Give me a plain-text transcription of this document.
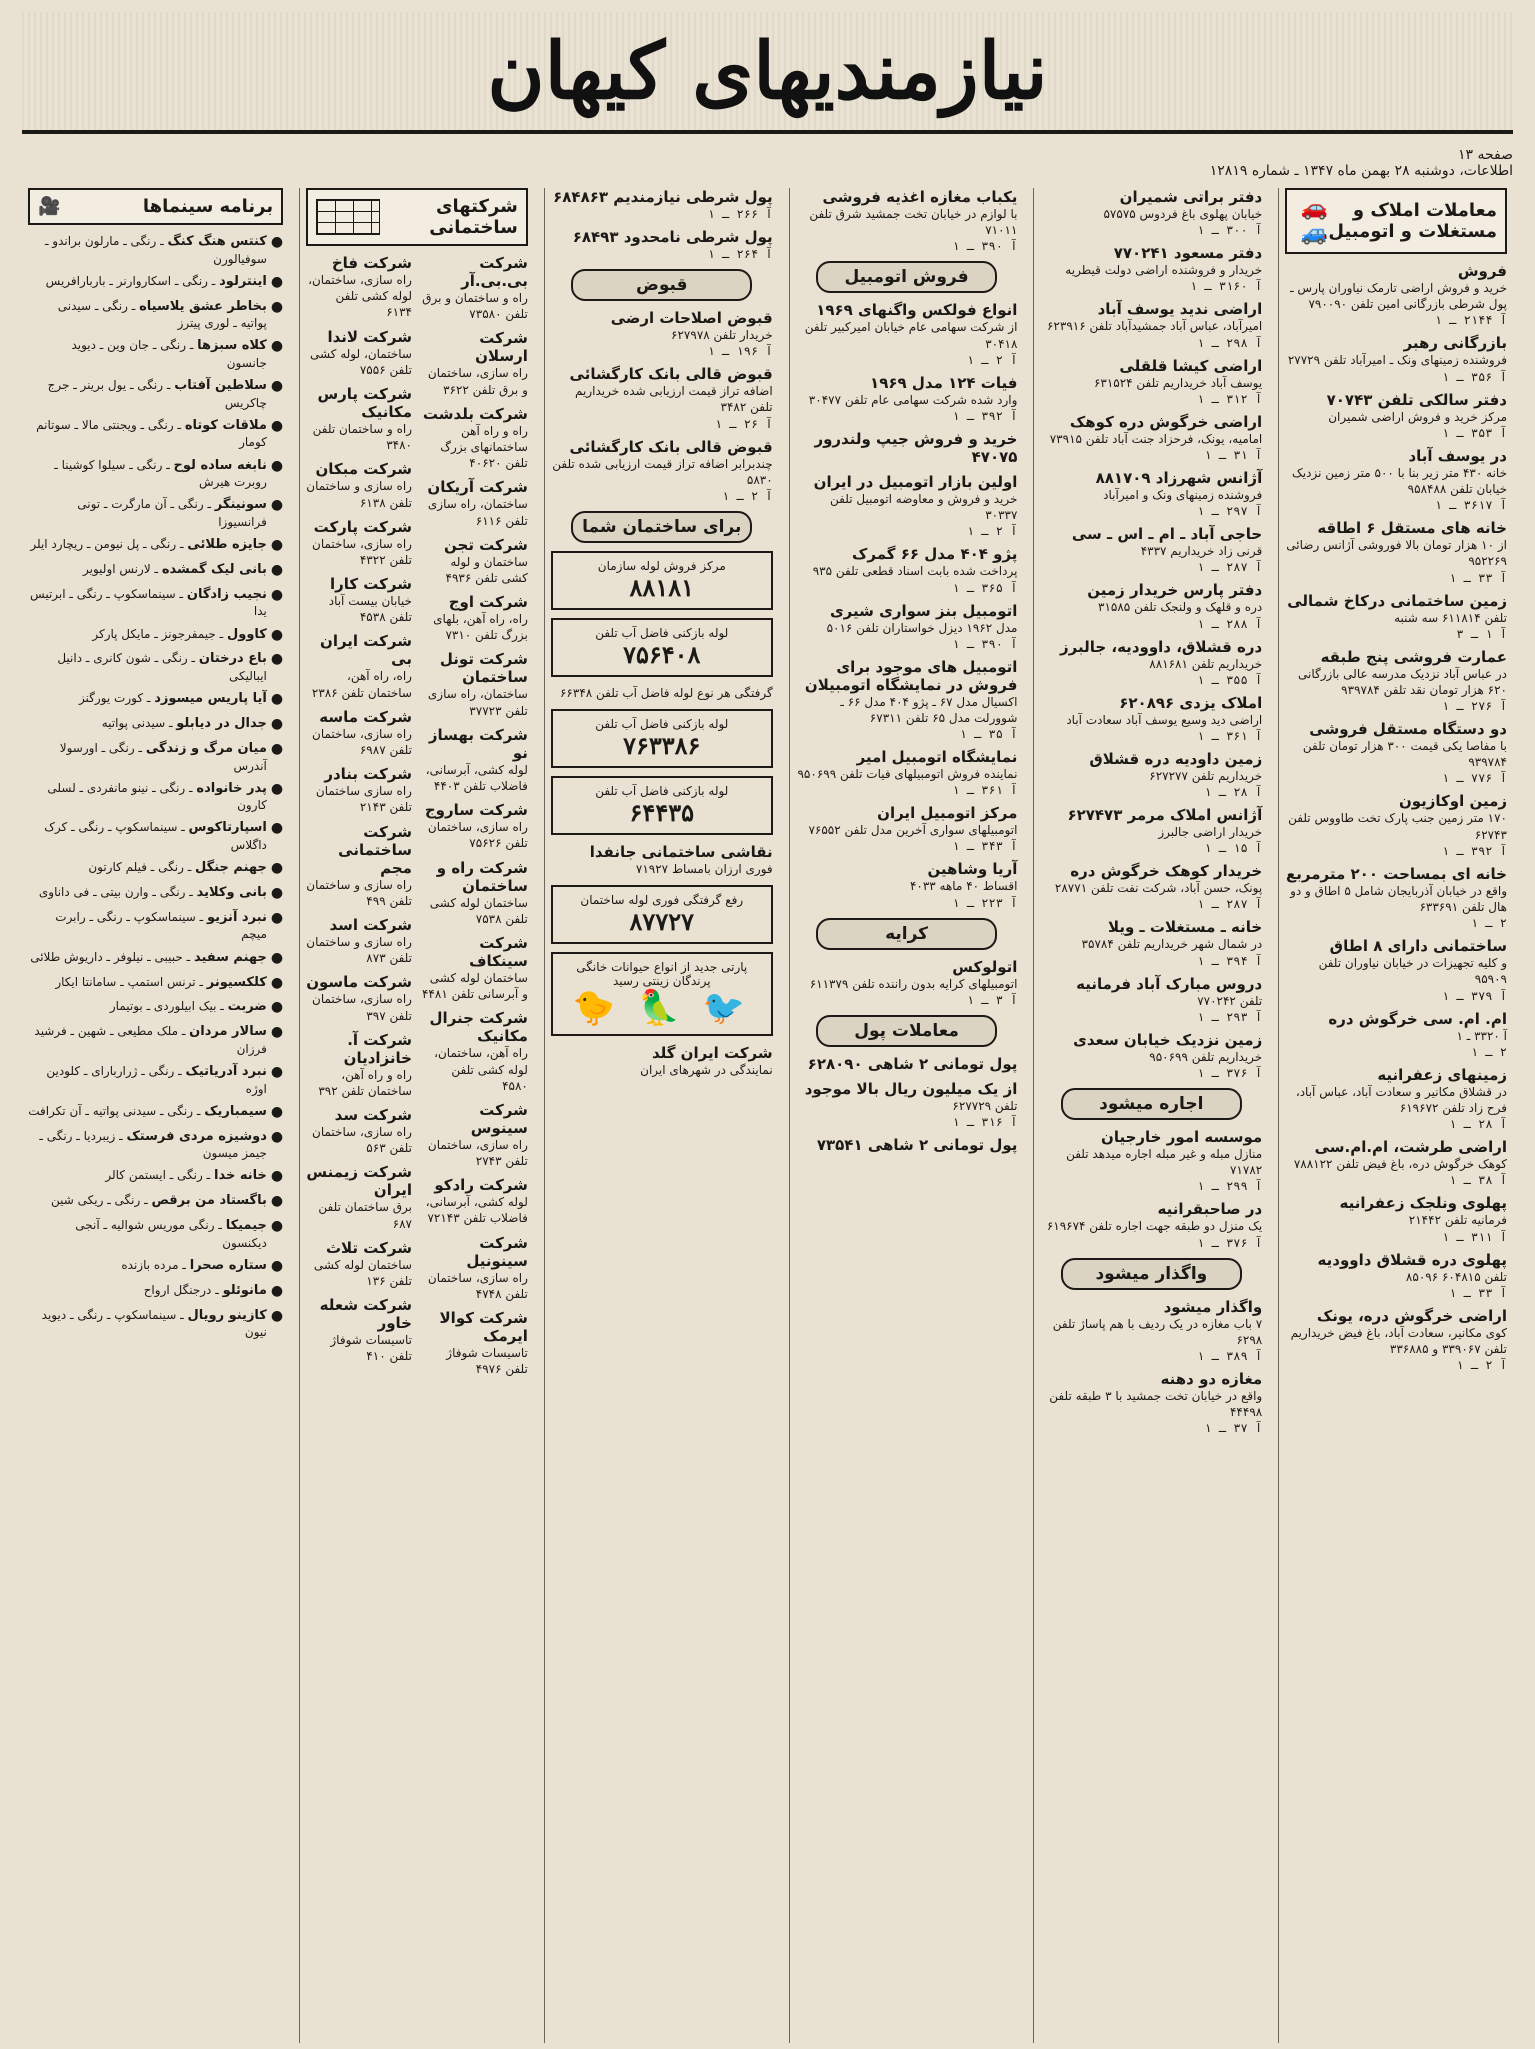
نیازمندیهای کیهان
صفحه ۱۳
اطلاعات، دوشنبه ۲۸ بهمن ماه ۱۳۴۷ ـ شماره ۱۲۸۱۹
معاملات املاک و مستغلات و اتومبیل
🚗 🚙
فروش
خرید و فروش اراضی تارمک نیاوران پارس ـ پول شرطی بازرگانی امین تلفن ۷۹۰۰۹۰
آ ۲۱۴۴ ـ ۱
بازرگانی رهبر
فروشنده زمینهای ونک ـ امیرآباد تلفن ۲۷۷۲۹
آ ۳۵۶ ـ ۱
دفتر سالکی تلفن ۷۰۷۴۳
مرکز خرید و فروش اراضی شمیران
آ ۳۵۳ ـ ۱
در یوسف آباد
خانه ۴۳۰ متر زیر بنا با ۵۰۰ متر زمین نزدیک خیابان تلفن ۹۵۸۴۸۸
آ ۳۶۱۷ ـ ۱
خانه های مستقل ۶ اطاقه
از ۱۰ هزار تومان بالا فوروشی آژانس رضائی ۹۵۲۲۶۹
آ ۳۳ ـ ۱
زمین ساختمانی درکاخ شمالی
تلفن ۶۱۱۸۱۴ سه شنبه
آ ۱ ـ ۳
عمارت فروشی پنج طبقه
در عباس آباد نزدیک مدرسه عالی بازرگانی ۶۲۰ هزار تومان نقد تلفن ۹۳۹۷۸۴
آ ۲۷۶ ـ ۱
دو دستگاه مستقل فروشی
با مفاصا یکی قیمت ۳۰۰ هزار تومان تلفن ۹۳۹۷۸۴
آ ۷۷۶ ـ ۱
زمین اوکازیون
۱۷۰ متر زمین جنب پارک تخت طاووس تلفن ۶۲۷۴۳
آ ۳۹۲ ـ ۱
خانه ای بمساحت ۲۰۰ مترمربع
واقع در خیابان آذربایجان شامل ۵ اطاق و دو هال تلفن ۶۳۳۶۹۱
۲ ـ ۱
ساختمانی دارای ۸ اطاق
و کلیه تجهیزات در خیابان نیاوران تلفن ۹۵۹۰۹
آ ۳۷۹ ـ ۱
ام. ام. سی خرگوش دره
آ ۳۳۲۰ ـ ۱
۲ ـ ۱
زمینهای زعفرانیه
در قشلاق مکانیر و سعادت آباد، عباس آباد، فرح زاد تلفن ۶۱۹۶۷۲
آ ۲۸ ـ ۱
اراضی طرشت، ام.ام.سی
کوهک خرگوش دره، باغ فیض تلفن ۷۸۸۱۲۲
آ ۳۸ ـ ۱
پهلوی ونلجک زعفرانیه
فرمانیه تلفن ۲۱۴۴۲
آ ۳۱۱ ـ ۱
پهلوی دره قشلاق داوودیه
تلفن ۶۰۴۸۱۵ ۸۵۰۹۶
آ ۳۳ ـ ۱
اراضی خرگوش دره، یونک
کوی مکانیر، سعادت آباد، باغ فیض خریداریم تلفن ۳۳۹۰۶۷ و ۳۳۶۸۸۵
آ ۲ ـ ۱
دفتر براتی شمیران
خیابان پهلوی باغ فردوس ۵۷۵۷۵
آ ۳۰۰ ـ ۱
دفتر مسعود ۷۷۰۲۴۱
خریدار و فروشنده اراضی دولت قیطریه
آ ۳۱۶۰ ـ ۱
اراضی ندید یوسف آباد
امیرآباد، عباس آباد جمشیدآباد تلفن ۶۲۳۹۱۶
آ ۲۹۸ ـ ۱
اراضی کیشا قلقلی
یوسف آباد خریداریم تلفن ۶۳۱۵۲۴
آ ۳۱۲ ـ ۱
اراضی خرگوش دره کوهک
امامیه، یونک، فرحزاد جنت آباد تلفن ۷۳۹۱۵
آ ۳۱ ـ ۱
آژانس شهرزاد ۸۸۱۷۰۹
فروشنده زمینهای ونک و امیرآباد
آ ۲۹۷ ـ ۱
حاجی آباد ـ ام ـ اس ـ سی
قرنی زاد خریداریم ۴۳۳۷
آ ۲۸۷ ـ ۱
دفتر پارس خریدار زمین
دره و قلهک و ولنجک تلفن ۳۱۵۸۵
آ ۲۸۸ ـ ۱
دره قشلاق، داوودیه، جالبرز
خریداریم تلفن ۸۸۱۶۸۱
آ ۳۵۵ ـ ۱
املاک یزدی ۶۲۰۸۹۶
اراضی دید وسیع یوسف آباد سعادت آباد
آ ۳۶۱ ـ ۱
زمین داودیه دره قشلاق
خریداریم تلفن ۶۲۷۲۷۷
آ ۲۸ ـ ۱
آژانس املاک مرمر ۶۲۷۴۷۳
خریدار اراضی جالبرز
آ ۱۵ ـ ۱
خریدار کوهک خرگوش دره
پونک، حسن آباد، شرکت نفت تلفن ۲۸۷۷۱
آ ۲۸۷ ـ ۱
خانه ـ مستغلات ـ ویلا
در شمال شهر خریداریم تلفن ۳۵۷۸۴
آ ۳۹۴ ـ ۱
دروس مبارک آباد فرمانیه
تلفن ۷۷۰۲۴۲
آ ۲۹۳ ـ ۱
زمین نزدیک خیابان سعدی
خریداریم تلفن ۹۵۰۶۹۹
آ ۳۷۶ ـ ۱
اجاره میشود
موسسه امور خارجیان
منازل مبله و غیر مبله اجاره میدهد تلفن ۷۱۷۸۲
آ ۲۹۹ ـ ۱
در صاحبقرانیه
یک منزل دو طبقه جهت اجاره تلفن ۶۱۹۶۷۴
آ ۳۷۶ ـ ۱
واگذار میشود
واگذار میشود
۷ باب مغازه در یک ردیف با هم پاساژ تلفن ۶۲۹۸
آ ۳۸۹ ـ ۱
مغازه دو دهنه
واقع در خیابان تخت جمشید با ۳ طبقه تلفن ۴۴۴۹۸
آ ۳۷ ـ ۱
یکباب مغازه اغذیه فروشی
با لوازم در خیابان تخت جمشید شرق تلفن ۷۱۰۱۱
آ ۳۹۰ ـ ۱
فروش اتومبیل
انواع فولکس واگنهای ۱۹۶۹
از شرکت سهامی عام خیابان امیرکبیر تلفن ۳۰۴۱۸
آ ۲ ـ ۱
فیات ۱۲۴ مدل ۱۹۶۹
وارد شده شرکت سهامی عام تلفن ۳۰۴۷۷
آ ۳۹۲ ـ ۱
خرید و فروش جیپ ولندرور ۴۷۰۷۵
اولین بازار اتومبیل در ایران
خرید و فروش و معاوضه اتومبیل تلفن ۳۰۳۳۷
آ ۲ ـ ۱
پژو ۴۰۴ مدل ۶۶ گمرک
پرداخت شده بابت اسناد قطعی تلفن ۹۳۵
آ ۳۶۵ ـ ۱
اتومبیل بنز سواری شیری
مدل ۱۹۶۲ دیزل خواستاران تلفن ۵۰۱۶
آ ۳۹۰ ـ ۱
اتومبیل های موجود برای فروش در نمایشگاه اتومبیلان
اکسیال مدل ۶۷ ـ پژو ۴۰۴ مدل ۶۶ ـ شوورلت مدل ۶۵ تلفن ۶۷۳۱۱
آ ۳۵ ـ ۱
نمایشگاه اتومبیل امیر
نماینده فروش اتومبیلهای فیات تلفن ۹۵۰۶۹۹
آ ۳۶۱ ـ ۱
مرکز اتومبیل ایران
اتومبیلهای سواری آخرین مدل تلفن ۷۶۵۵۲
آ ۳۴۳ ـ ۱
آریا وشاهین
اقساط ۴۰ ماهه ۴۰۳۳
آ ۲۲۳ ـ ۱
کرایه
اتولوکس
اتومبیلهای کرایه بدون راننده تلفن ۶۱۱۳۷۹
آ ۳ ـ ۱
معاملات پول
پول تومانی ۲ شاهی ۶۲۸۰۹۰
از یک میلیون ریال بالا موجود
تلفن ۶۲۷۷۲۹
آ ۳۱۶ ـ ۱
پول تومانی ۲ شاهی ۷۳۵۴۱
پول شرطی نیازمندیم ۶۸۴۸۶۳
آ ۲۶۶ ـ ۱
پول شرطی نامحدود ۶۸۴۹۳
آ ۲۶۴ ـ ۱
قبوض
قبوض اصلاحات ارضی
خریدار تلفن ۶۲۷۹۷۸
آ ۱۹۶ ـ ۱
قبوض قالی بانک کارگشائی
اضافه تراز قیمت ارزیابی شده خریداریم تلفن ۳۴۸۲
آ ۲۶ ـ ۱
قبوض قالی بانک کارگشائی
چندبرابر اضافه تراز قیمت ارزیابی شده تلفن ۵۸۳۰
آ ۲ ـ ۱
برای ساختمان شما
مرکز فروش لوله سازمان
۸۸۱۸۱
لوله بازکنی فاضل آب تلفن
۷۵۶۴۰۸
گرفتگی هر نوع لوله فاضل آب تلفن ۶۶۳۴۸
لوله بازکنی فاضل آب تلفن
۷۶۳۳۸۶
لوله بازکنی فاضل آب تلفن
۶۴۴۳۵
نقاشی ساختمانی جانفدا
فوری ارزان بامساط ۷۱۹۲۷
رفع گرفتگی فوری لوله ساختمان
۸۷۷۲۷
پارتی جدید از انواع حیوانات خانگی
پرندگان زینتی رسید
🐦 🦜 🐤
شرکت ایران گلد
نمایندگی در شهرهای ایران
شرکتهای ساختمانی
شرکت بی.بی.آر
راه و ساختمان و برق تلفن ۷۳۵۸۰
شرکت ارسلان
راه سازی، ساختمان و برق تلفن ۳۶۲۲
شرکت بلدشت
راه و راه آهن ساختمانهای بزرگ تلفن ۴۰۶۲۰
شرکت آریکان
ساختمان، راه سازی تلفن ۶۱۱۶
شرکت تجن
ساختمان و لوله کشی تلفن ۴۹۳۶
شرکت اوج
راه، راه آهن، بلهای بزرگ تلفن ۷۳۱۰
شرکت تونل ساختمان
ساختمان، راه سازی تلفن ۳۷۷۲۳
شرکت بهساز نو
لوله کشی، آبرسانی، فاضلاب تلفن ۴۴۰۳
شرکت ساروج
راه سازی، ساختمان تلفن ۷۵۶۲۶
شرکت راه و ساختمان
ساختمان لوله کشی تلفن ۷۵۳۸
شرکت سینکاف
ساختمان لوله کشی و آبرسانی تلفن ۴۴۸۱
شرکت جنرال مکانیک
راه آهن، ساختمان، لوله کشی تلفن ۴۵۸۰
شرکت سینوس
راه سازی، ساختمان تلفن ۲۷۴۳
شرکت رادکو
لوله کشی، آبرسانی، فاضلاب تلفن ۷۲۱۴۳
شرکت سینونیل
راه سازی، ساختمان تلفن ۴۷۴۸
شرکت کوالا ایرمک
تاسیسات شوفاژ تلفن ۴۹۷۶
شرکت فاخ
راه سازی، ساختمان، لوله کشی تلفن ۶۱۳۴
شرکت لاندا
ساختمان، لوله کشی تلفن ۷۵۵۶
شرکت پارس مکانیک
راه و ساختمان تلفن ۳۴۸۰
شرکت مبکان
راه سازی و ساختمان تلفن ۶۱۳۸
شرکت پارکت
راه سازی، ساختمان تلفن ۴۳۲۲
شرکت کارا
خیابان بیست آباد تلفن ۴۵۳۸
شرکت ایران بی
راه، راه آهن، ساختمان تلفن ۲۳۸۶
شرکت ماسه
راه سازی، ساختمان تلفن ۶۹۸۷
شرکت بنادر
راه سازی ساختمان تلفن ۲۱۴۳
شرکت ساختمانی مجم
راه سازی و ساختمان تلفن ۴۹۹
شرکت اسد
راه سازی و ساختمان تلفن ۸۷۳
شرکت ماسون
راه سازی، ساختمان تلفن ۳۹۷
شرکت آ. خانزادیان
راه و راه آهن، ساختمان تلفن ۳۹۲
شرکت سد
راه سازی، ساختمان تلفن ۵۶۳
شرکت زیمنس ایران
برق ساختمان تلفن ۶۸۷
شرکت تلاث
ساختمان لوله کشی تلفن ۱۳۶
شرکت شعله خاور
تاسیسات شوفاژ تلفن ۴۱۰
برنامه سینماها
🎥
●
کنتس هنگ کنگ ـ رنگی ـ مارلون براندو ـ سوفیالورن
●
اینترلود ـ رنگی ـ اسکاروارنر ـ باربارافریس
●
بخاطر عشق یلاسیاه ـ رنگی ـ سیدنی پواتیه ـ لوری پیترز
●
کلاه سبزها ـ رنگی ـ جان وین ـ دیوید جانسون
●
سلاطین آفتاب ـ رنگی ـ یول برینر ـ جرج چاکریس
●
ملاقات کوتاه ـ رنگی ـ ویجنتی مالا ـ سوتانم کومار
●
نابغه ساده لوح ـ رنگی ـ سیلوا کوشینا ـ روبرت هیرش
●
سونینگر ـ رنگی ـ آن مارگرت ـ تونی فرانسیوزا
●
جایزه طلائی ـ رنگی ـ پل نیومن ـ ریچارد ایلر
●
بانی لیک گمشده ـ لارنس اولیویر
●
نجیب زادگان ـ سینماسکوپ ـ رنگی ـ ابرتیس یدا
●
کاوول ـ جیمفرجونز ـ مایکل پارکر
●
باع درختان ـ رنگی ـ شون کانری ـ دانیل ایبالیکی
●
آیا پاریس میسوزد ـ کورت یورگنز
●
جدال در دیابلو ـ سیدنی پواتیه
●
میان مرگ و زندگی ـ رنگی ـ اورسولا آندرس
●
پدر خانواده ـ رنگی ـ نینو مانفردی ـ لسلی کارون
●
اسپارتاکوس ـ سینماسکوپ ـ رنگی ـ کرک داگلاس
●
جهنم جنگل ـ رنگی ـ فیلم کارتون
●
بانی وکلاید ـ رنگی ـ وارن بیتی ـ فی داناوی
●
نبرد آنزیو ـ سینماسکوپ ـ رنگی ـ رابرت میچم
●
جهنم سفید ـ حبیبی ـ نیلوفر ـ داریوش طلائی
●
کلکسیونر ـ ترنس استمپ ـ سامانتا ایکار
●
ضربت ـ بیک ابیلوردی ـ بوتیمار
●
سالار مردان ـ ملک مطیعی ـ شهین ـ فرشید فرزان
●
نبرد آدریاتیک ـ رنگی ـ ژراربارای ـ کلودین اوژه
●
سیمباریک ـ رنگی ـ سیدنی پواتیه ـ آن تکرافت
●
دوشیزه مردی فرستک ـ زیبردیا ـ رنگی ـ جیمز میسون
●
خانه خدا ـ رنگی ـ ایستمن کالر
●
باگستاد من برقص ـ رنگی ـ ریکی شین
●
جیمیکا ـ رنگی موریس شوالیه ـ آنجی دیکنسون
●
ستاره صحرا ـ مرده بازنده
●
مانوئلو ـ درجنگل ارواح
●
کازینو رویال ـ سینماسکوپ ـ رنگی ـ دیوید نیون
